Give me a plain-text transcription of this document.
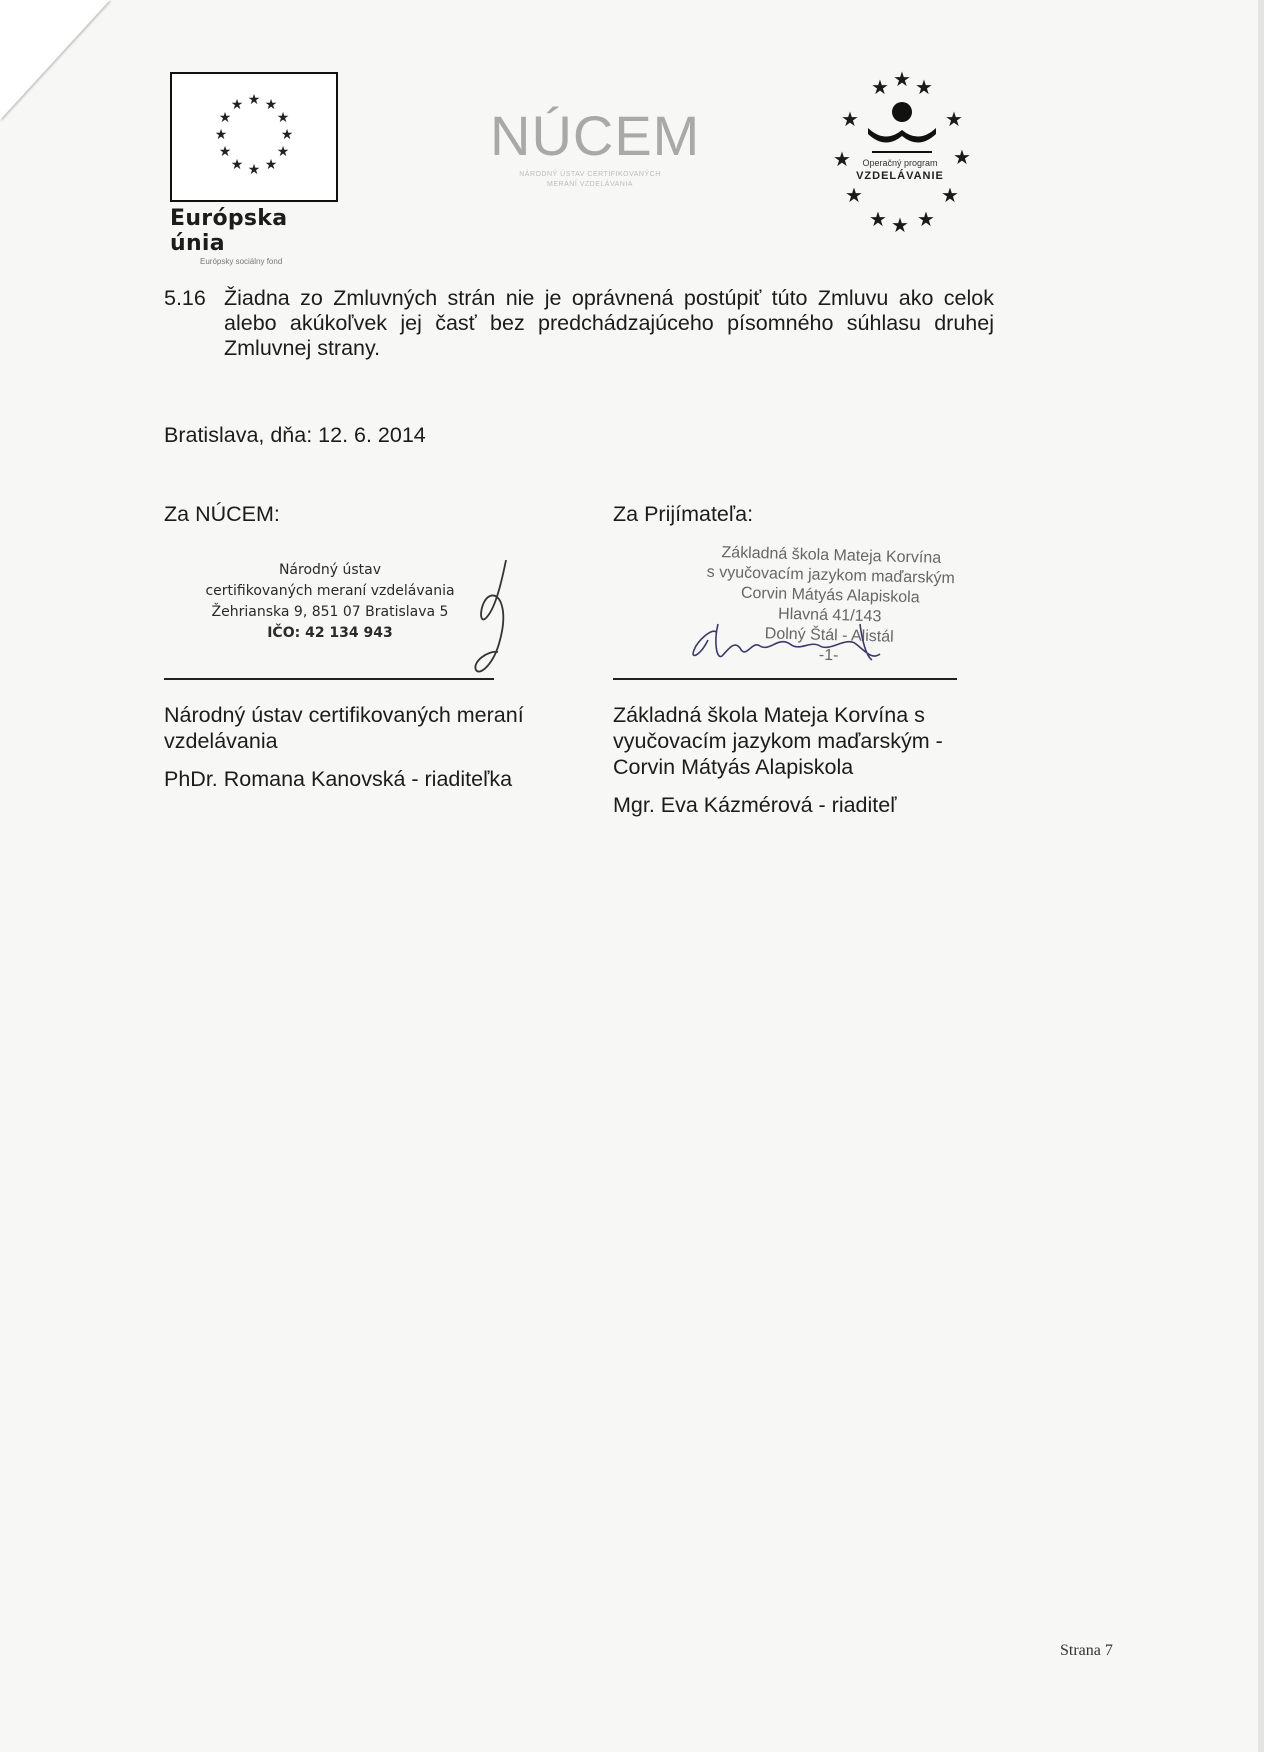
★ ★
★
★
★
★
★
★
★
★
★
★
Európska únia
Európsky sociálny fond
NÚCEM
NÁRODNÝ ÚSTAV CERTIFIKOVANÝCH
MERANÍ VZDELÁVANIA
★ ★ ★
★	★
★	★
★	★
★ ★ ★
Operačný program
VZDELÁVANIE
5.16 Žiadna zo Zmluvných strán nie je oprávnená postúpiť túto Zmluvu ako celok alebo akúkoľvek jej časť bez predchádzajúceho písomného súhlasu druhej Zmluvnej strany.
Bratislava, dňa: 12. 6. 2014
Za NÚCEM:	Za Prijímateľa:
Národný ústav
certifikovaných meraní vzdelávania
Žehrianska 9, 851 07 Bratislava 5
IČO: 42 134 943
Základná škola Mateja Korvína
s vyučovacím jazykom maďarským
Corvin Mátyás Alapiskola
Hlavná 41/143
Dolný Štál - Alistál
-1-
Národný ústav certifikovaných meraní vzdelávania
PhDr. Romana Kanovská - riaditeľka
Základná škola Mateja Korvína s vyučovacím jazykom maďarským - Corvin Mátyás Alapiskola
Mgr. Eva Kázmérová - riaditeľ
Strana 7
